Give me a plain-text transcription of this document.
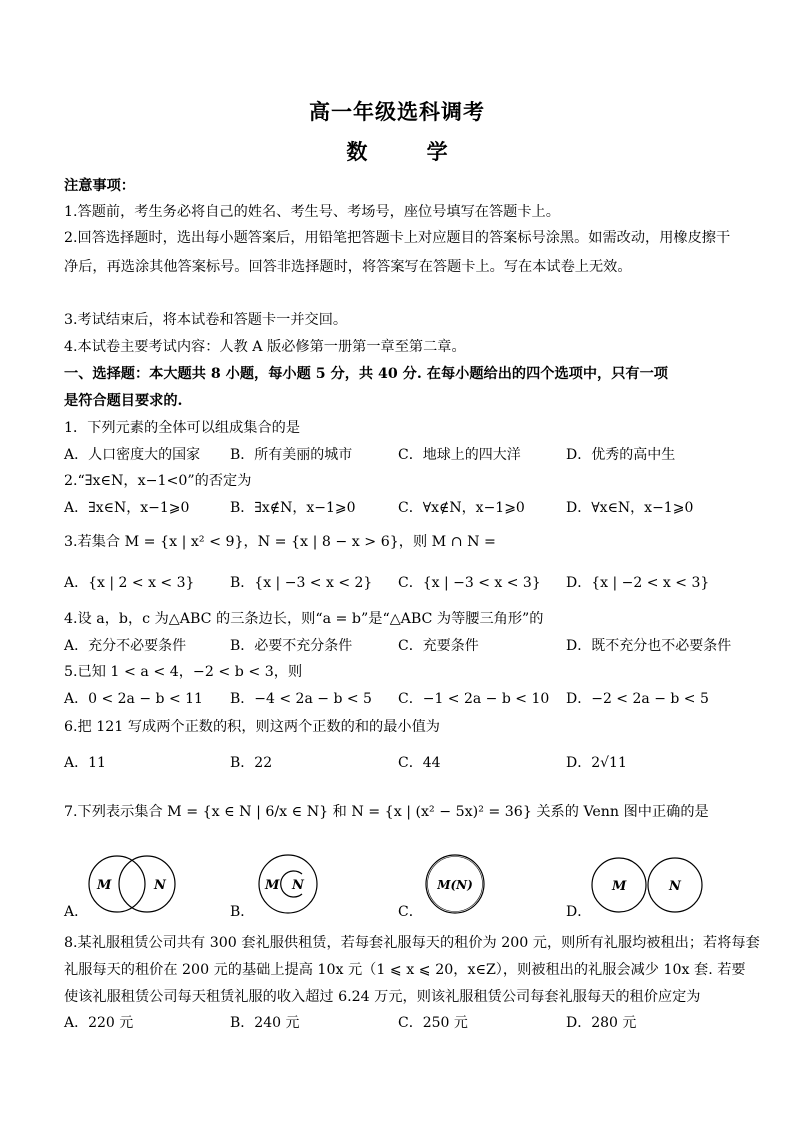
高一年级选科调考
数 学
注意事项：
1.答题前，考生务必将自己的姓名、考生号、考场号，座位号填写在答题卡上。
2.回答选择题时，选出每小题答案后，用铅笔把答题卡上对应题目的答案标号涂黑。如需改动，用橡皮擦干净后，再选涂其他答案标号。回答非选择题时，将答案写在答题卡上。写在本试卷上无效。
3.考试结束后，将本试卷和答题卡一并交回。
4.本试卷主要考试内容：人教 A 版必修第一册第一章至第二章。
一、选择题：本大题共 8 小题，每小题 5 分，共 40 分. 在每小题给出的四个选项中，只有一项
是符合题目要求的.
1．下列元素的全体可以组成集合的是
A．人口密度大的国家 B．所有美丽的城市	C．地球上的四大洋	D．优秀的高中生
2.“∃x∈N，x−1<0”的否定为
A．∃x∈N，x−1⩾0	B．∃x∉N，x−1⩾0	C．∀x∉N，x−1⩾0	D．∀x∈N，x−1⩾0
3.若集合 M = {x | x² < 9}，N = {x | 8 − x > 6}，则 M ∩ N =
A．{x | 2 < x < 3}	B．{x | −3 < x < 2} C．{x | −3 < x < 3} D．{x | −2 < x < 3}
4.设 a，b，c 为△ABC 的三条边长，则“a = b”是“△ABC 为等腰三角形”的
A．充分不必要条件	B．必要不充分条件	C．充要条件	D．既不充分也不必要条件
5.已知 1 < a < 4，−2 < b < 3，则
A．0 < 2a − b < 11 B．−4 < 2a − b < 5 C．−1 < 2a − b < 10 D．−2 < 2a − b < 5
6.把 121 写成两个正数的积，则这两个正数的和的最小值为
A．11	B．22	C．44	D．2√11
7.下列表示集合 M = {x ∈ N | 6/x ∈ N} 和 N = {x | (x² − 5x)² = 36} 关系的 Venn 图中正确的是
A．
M	N
B．
M N
C．
M(N)
D．
M	N
8.某礼服租赁公司共有 300 套礼服供租赁，若每套礼服每天的租价为 200 元，则所有礼服均被租出；若将每套
礼服每天的租价在 200 元的基础上提高 10x 元（1 ⩽ x ⩽ 20，x∈Z），则被租出的礼服会减少 10x 套. 若要
使该礼服租赁公司每天租赁礼服的收入超过 6.24 万元，则该礼服租赁公司每套礼服每天的租价应定为
A．220 元	B．240 元	C．250 元	D．280 元
